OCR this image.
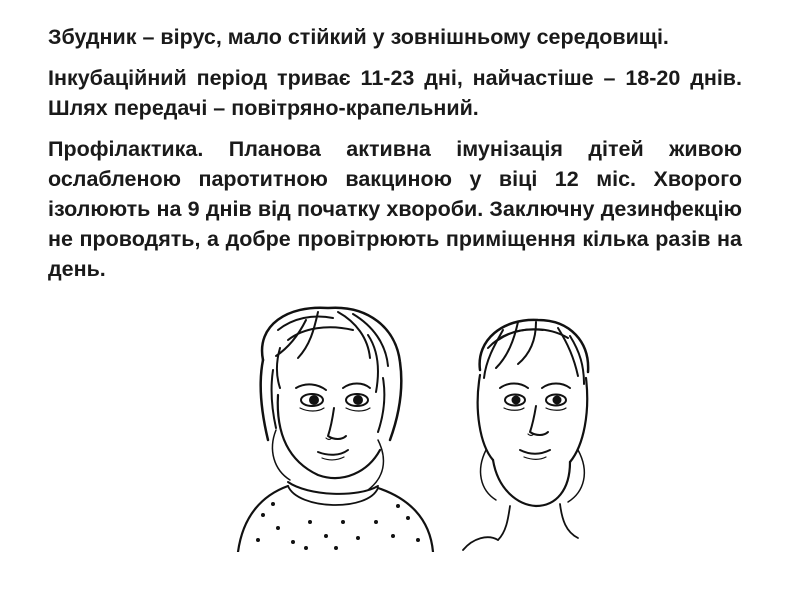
Збудник – вірус, мало стійкий у зовнішньому середовищі.

Інкубаційний період триває 11-23 дні, найчастіше – 18-20 днів. Шлях передачі – повітряно-крапельний.

Профілактика. Планова активна імунізація дітей живою ослабленою паротитною вакциною у віці 12 міс. Хворого ізолюють на 9 днів від початку хвороби. Заключну дезинфекцію не проводять, а добре провітрюють приміщення кілька разів на день.
